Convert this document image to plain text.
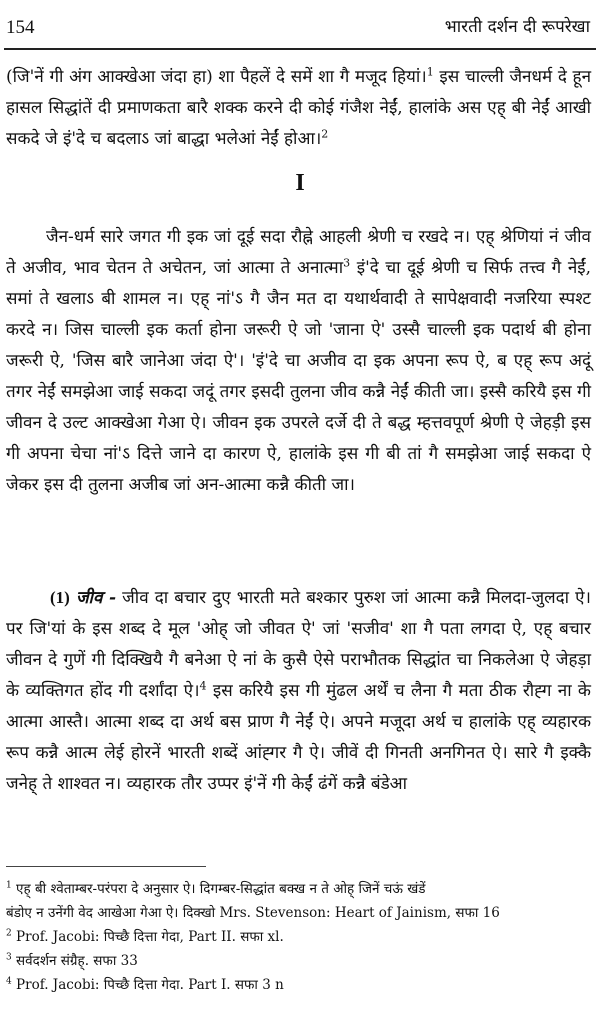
154	भारती दर्शन दी रूपरेखा

(जि'नें गी अंग आक्खेआ जंदा हा) शा पैहलें दे समें शा गै मजूद हियां।$^1$ इस चाल्ली जैनधर्म दे हून हासल सिद्धांतें दी प्रमाणकता बारै शक्क करने दी कोई गंजैश नेईं, हालांके अस एह् बी नेईं आखी सकदे जे इं'दे च बदलाऽ जां बाद्धा भलेआं नेईं होआ।$^2$

I

जैन-धर्म सारे जगत गी इक जां दूई सदा रौह्ने आहली श्रेणी च रखदे न। एह् श्रेणियां नं जीव ते अजीव, भाव चेतन ते अचेतन, जां आत्मा ते अनात्मा$^3$ इं'दे चा दूई श्रेणी च सिर्फ तत्त्व गै नेईं, समां ते खलाऽ बी शामल न। एह् नां'ऽ गै जैन मत दा यथार्थवादी ते सापेक्षवादी नजरिया स्पश्ट करदे न। जिस चाल्ली इक कर्ता होना जरूरी ऐ जो 'जाना ऐ' उस्सै चाल्ली इक पदार्थ बी होना जरूरी ऐ, 'जिस बारै जानेआ जंदा ऐ'। 'इं'दे चा अजीव दा इक अपना रूप ऐ, ब एह् रूप अदूं तगर नेईं समझेआ जाई सकदा जदूं तगर इसदी तुलना जीव कन्नै नेईं कीती जा। इस्सै करियै इस गी जीवन दे उल्ट आक्खेआ गेआ ऐ। जीवन इक उपरले दर्जे दी ते बद्ध म्हत्तवपूर्ण श्रेणी ऐ जेहड़ी इस गी अपना चेचा नां'ऽ दित्ते जाने दा कारण ऐ, हालांके इस गी बी तां गै समझेआ जाई सकदा ऐ जेकर इस दी तुलना अजीब जां अन-आत्मा कन्नै कीती जा।

(1) जीव - जीव दा बचार दुए भारती मते बश्कार पुरुश जां आत्मा कन्नै मिलदा-जुलदा ऐ। पर जि'यां के इस शब्द दे मूल 'ओह् जो जीवत ऐ' जां 'सजीव' शा गै पता लगदा ऐ, एह् बचार जीवन दे गुणें गी दिक्खियै गै बनेआ ऐ नां के कुसै ऐसे पराभौतक सिद्धांत चा निकलेआ ऐ जेहड़ा के व्यक्तिगत होंद गी दर्शांदा ऐ।$^4$ इस करियै इस गी मुंढल अर्थें च लैना गै मता ठीक रौह्ग ना के आत्मा आस्तै। आत्मा शब्द दा अर्थ बस प्राण गै नेईं ऐ। अपने मजूदा अर्थ च हालांके एह् व्यहारक रूप कन्नै आत्म लेई होरनें भारती शब्दें आंह्गर गै ऐ। जीवें दी गिनती अनगिनत ऐ। सारे गै इक्कै जनेह् ते शाश्वत न। व्यहारक तौर उप्पर इं'नें गी केईं ढंगें कन्नै बंडेआ

$^1$ एह् बी श्वेताम्बर-परंपरा दे अनुसार ऐ। दिगम्बर-सिद्धांत बक्ख न ते ओह् जिनें चऊं खंडें

बंडोए न उनेंगी वेद आखेआ गेआ ऐ। दिक्खो Mrs. Stevenson: Heart of Jainism, सफा 16

$^2$ Prof. Jacobi: पिच्छै दित्ता गेदा, Part II. सफा xl.

$^3$ सर्वदर्शन संग्रैह्. सफा 33

$^4$ Prof. Jacobi: पिच्छै दित्ता गेदा. Part I. सफा 3 n
